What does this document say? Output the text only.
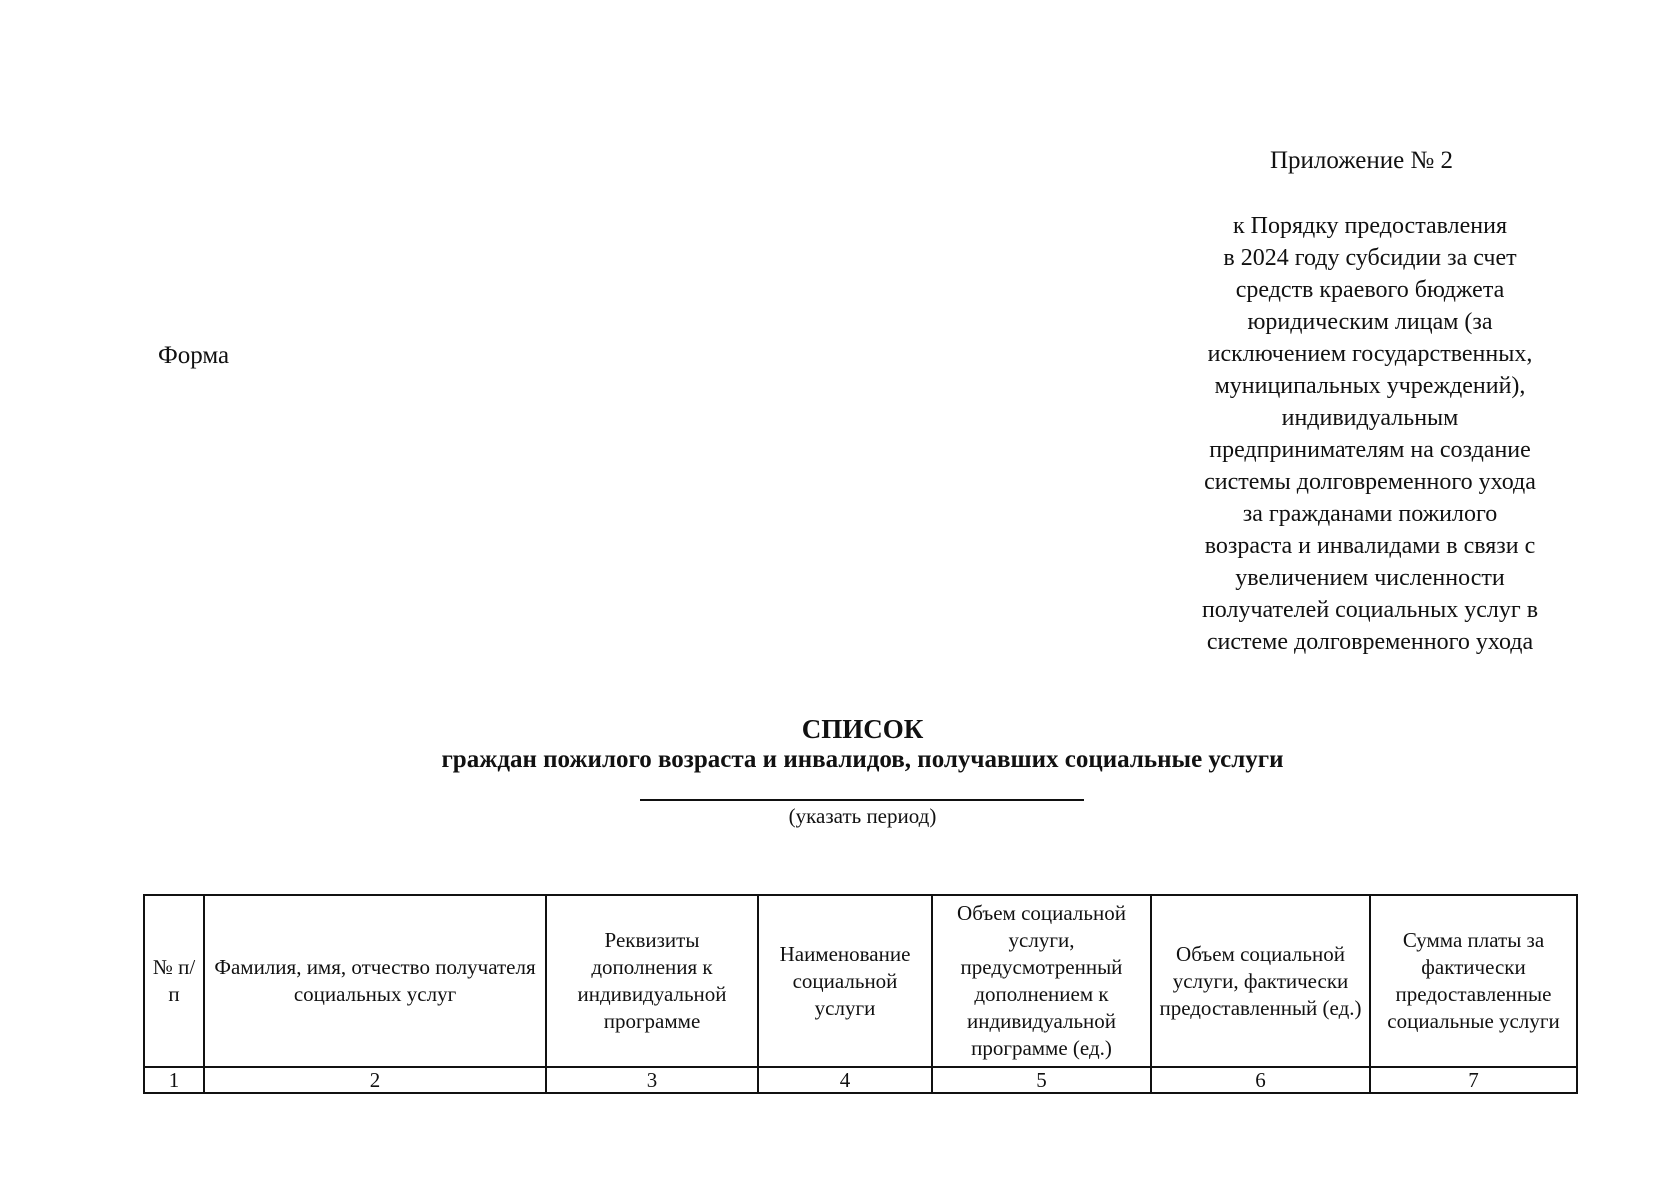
Приложение № 2
к Порядку предоставления
в 2024 году субсидии за счет
средств краевого бюджета
юридическим лицам (за
исключением государственных,
муниципальных учреждений),
индивидуальным
предпринимателям на создание
системы долговременного ухода
за гражданами пожилого
возраста и инвалидами в связи с
увеличением численности
получателей социальных услуг в
системе долговременного ухода
Форма
СПИСОК
граждан пожилого возраста и инвалидов, получавших социальные услуги
(указать период)
№ п/п	Фамилия, имя, отчество получателя социальных услуг	Реквизиты дополнения к индивидуальной программе	Наименование социальной услуги	Объем социальной услуги, предусмотренный дополнением к индивидуальной программе (ед.)	Объем социальной услуги, фактически предоставленный (ед.)	Сумма платы за фактически предоставленные социальные услуги
1	2	3	4	5	6	7
